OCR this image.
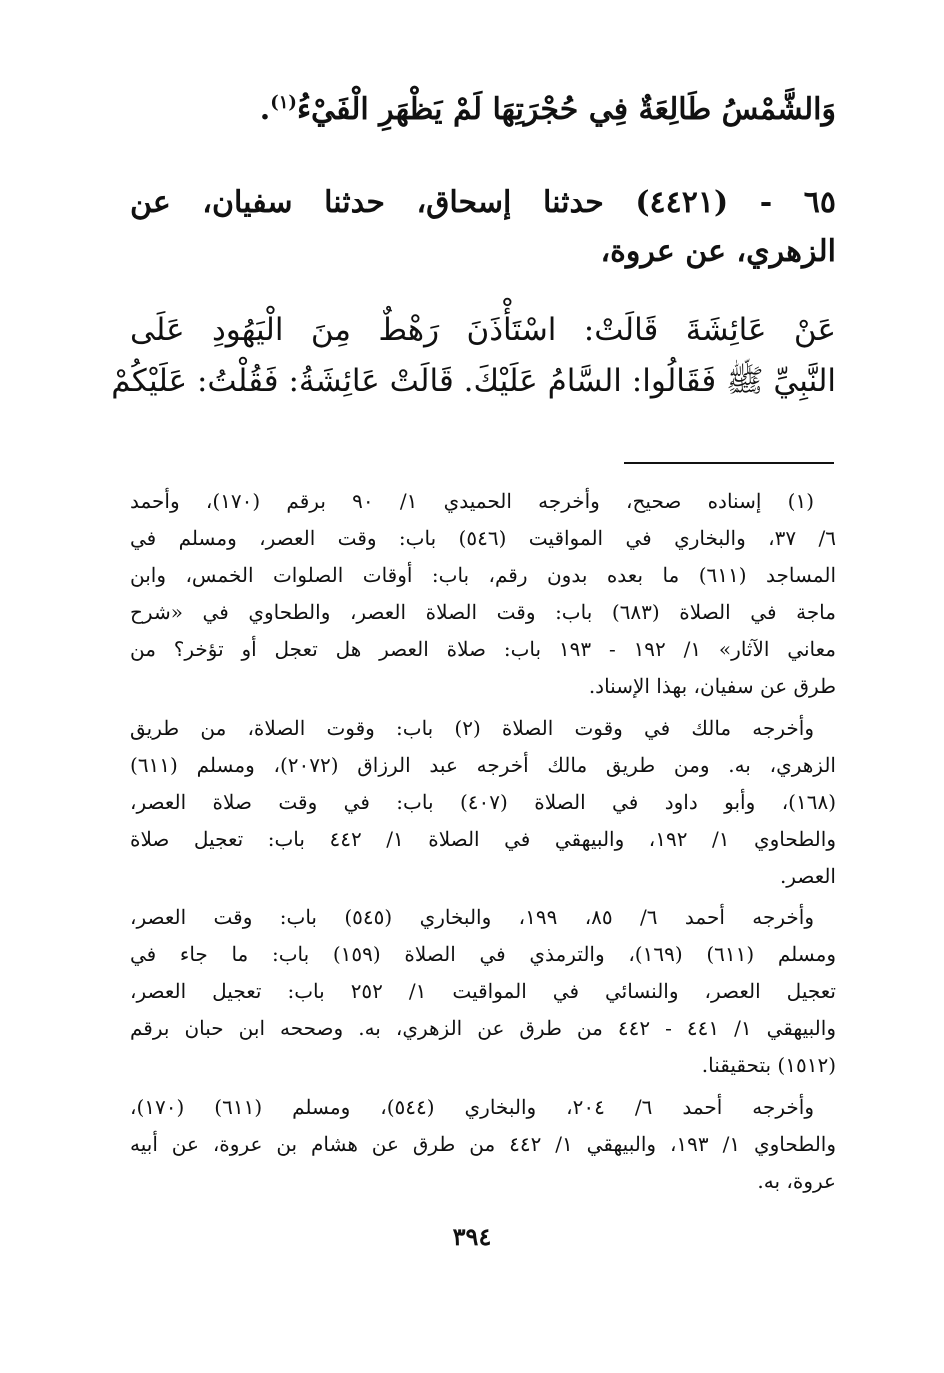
وَالشَّمْسُ طَالِعَةٌ فِي حُجْرَتِهَا لَمْ يَظْهَرِ الْفَيْءُ$^{(١)}$.
٦٥ - (٤٤٢١) حدثنا إسحاق، حدثنا سفيان، عن
الزهري، عن عروة،
عَنْ عَائِشَةَ قَالَتْ: اسْتَأْذَنَ رَهْطٌ مِنَ الْيَهُودِ عَلَى
النَّبِيِّ ﷺ فَقَالُوا: السَّامُ عَلَيْكَ. قَالَتْ عَائِشَةُ: فَقُلْتُ: عَلَيْكُمْ
(١) إسناده صحيح، وأخرجه الحميدي ١/ ٩٠ برقم (١٧٠)، وأحمد
٦/ ٣٧، والبخاري في المواقيت (٥٤٦) باب: وقت العصر، ومسلم في
المساجد (٦١١) ما بعده بدون رقم، باب: أوقات الصلوات الخمس، وابن
ماجة في الصلاة (٦٨٣) باب: وقت الصلاة العصر، والطحاوي في «شرح
معاني الآثار» ١/ ١٩٢ - ١٩٣ باب: صلاة العصر هل تعجل أو تؤخر؟ من
طرق عن سفيان، بهذا الإسناد.
وأخرجه مالك في وقوت الصلاة (٢) باب: وقوت الصلاة، من طريق
الزهري، به. ومن طريق مالك أخرجه عبد الرزاق (٢٠٧٢)، ومسلم (٦١١)
(١٦٨)، وأبو داود في الصلاة (٤٠٧) باب: في وقت صلاة العصر،
والطحاوي ١/ ١٩٢، والبيهقي في الصلاة ١/ ٤٤٢ باب: تعجيل صلاة
العصر.
وأخرجه أحمد ٦/ ٨٥، ١٩٩، والبخاري (٥٤٥) باب: وقت العصر،
ومسلم (٦١١) (١٦٩)، والترمذي في الصلاة (١٥٩) باب: ما جاء في
تعجيل العصر، والنسائي في المواقيت ١/ ٢٥٢ باب: تعجيل العصر،
والبيهقي ١/ ٤٤١ - ٤٤٢ من طرق عن الزهري، به. وصححه ابن حبان برقم
(١٥١٢) بتحقيقنا.
وأخرجه أحمد ٦/ ٢٠٤، والبخاري (٥٤٤)، ومسلم (٦١١) (١٧٠)،
والطحاوي ١/ ١٩٣، والبيهقي ١/ ٤٤٢ من طرق عن هشام بن عروة، عن أبيه
عروة، به.
٣٩٤
